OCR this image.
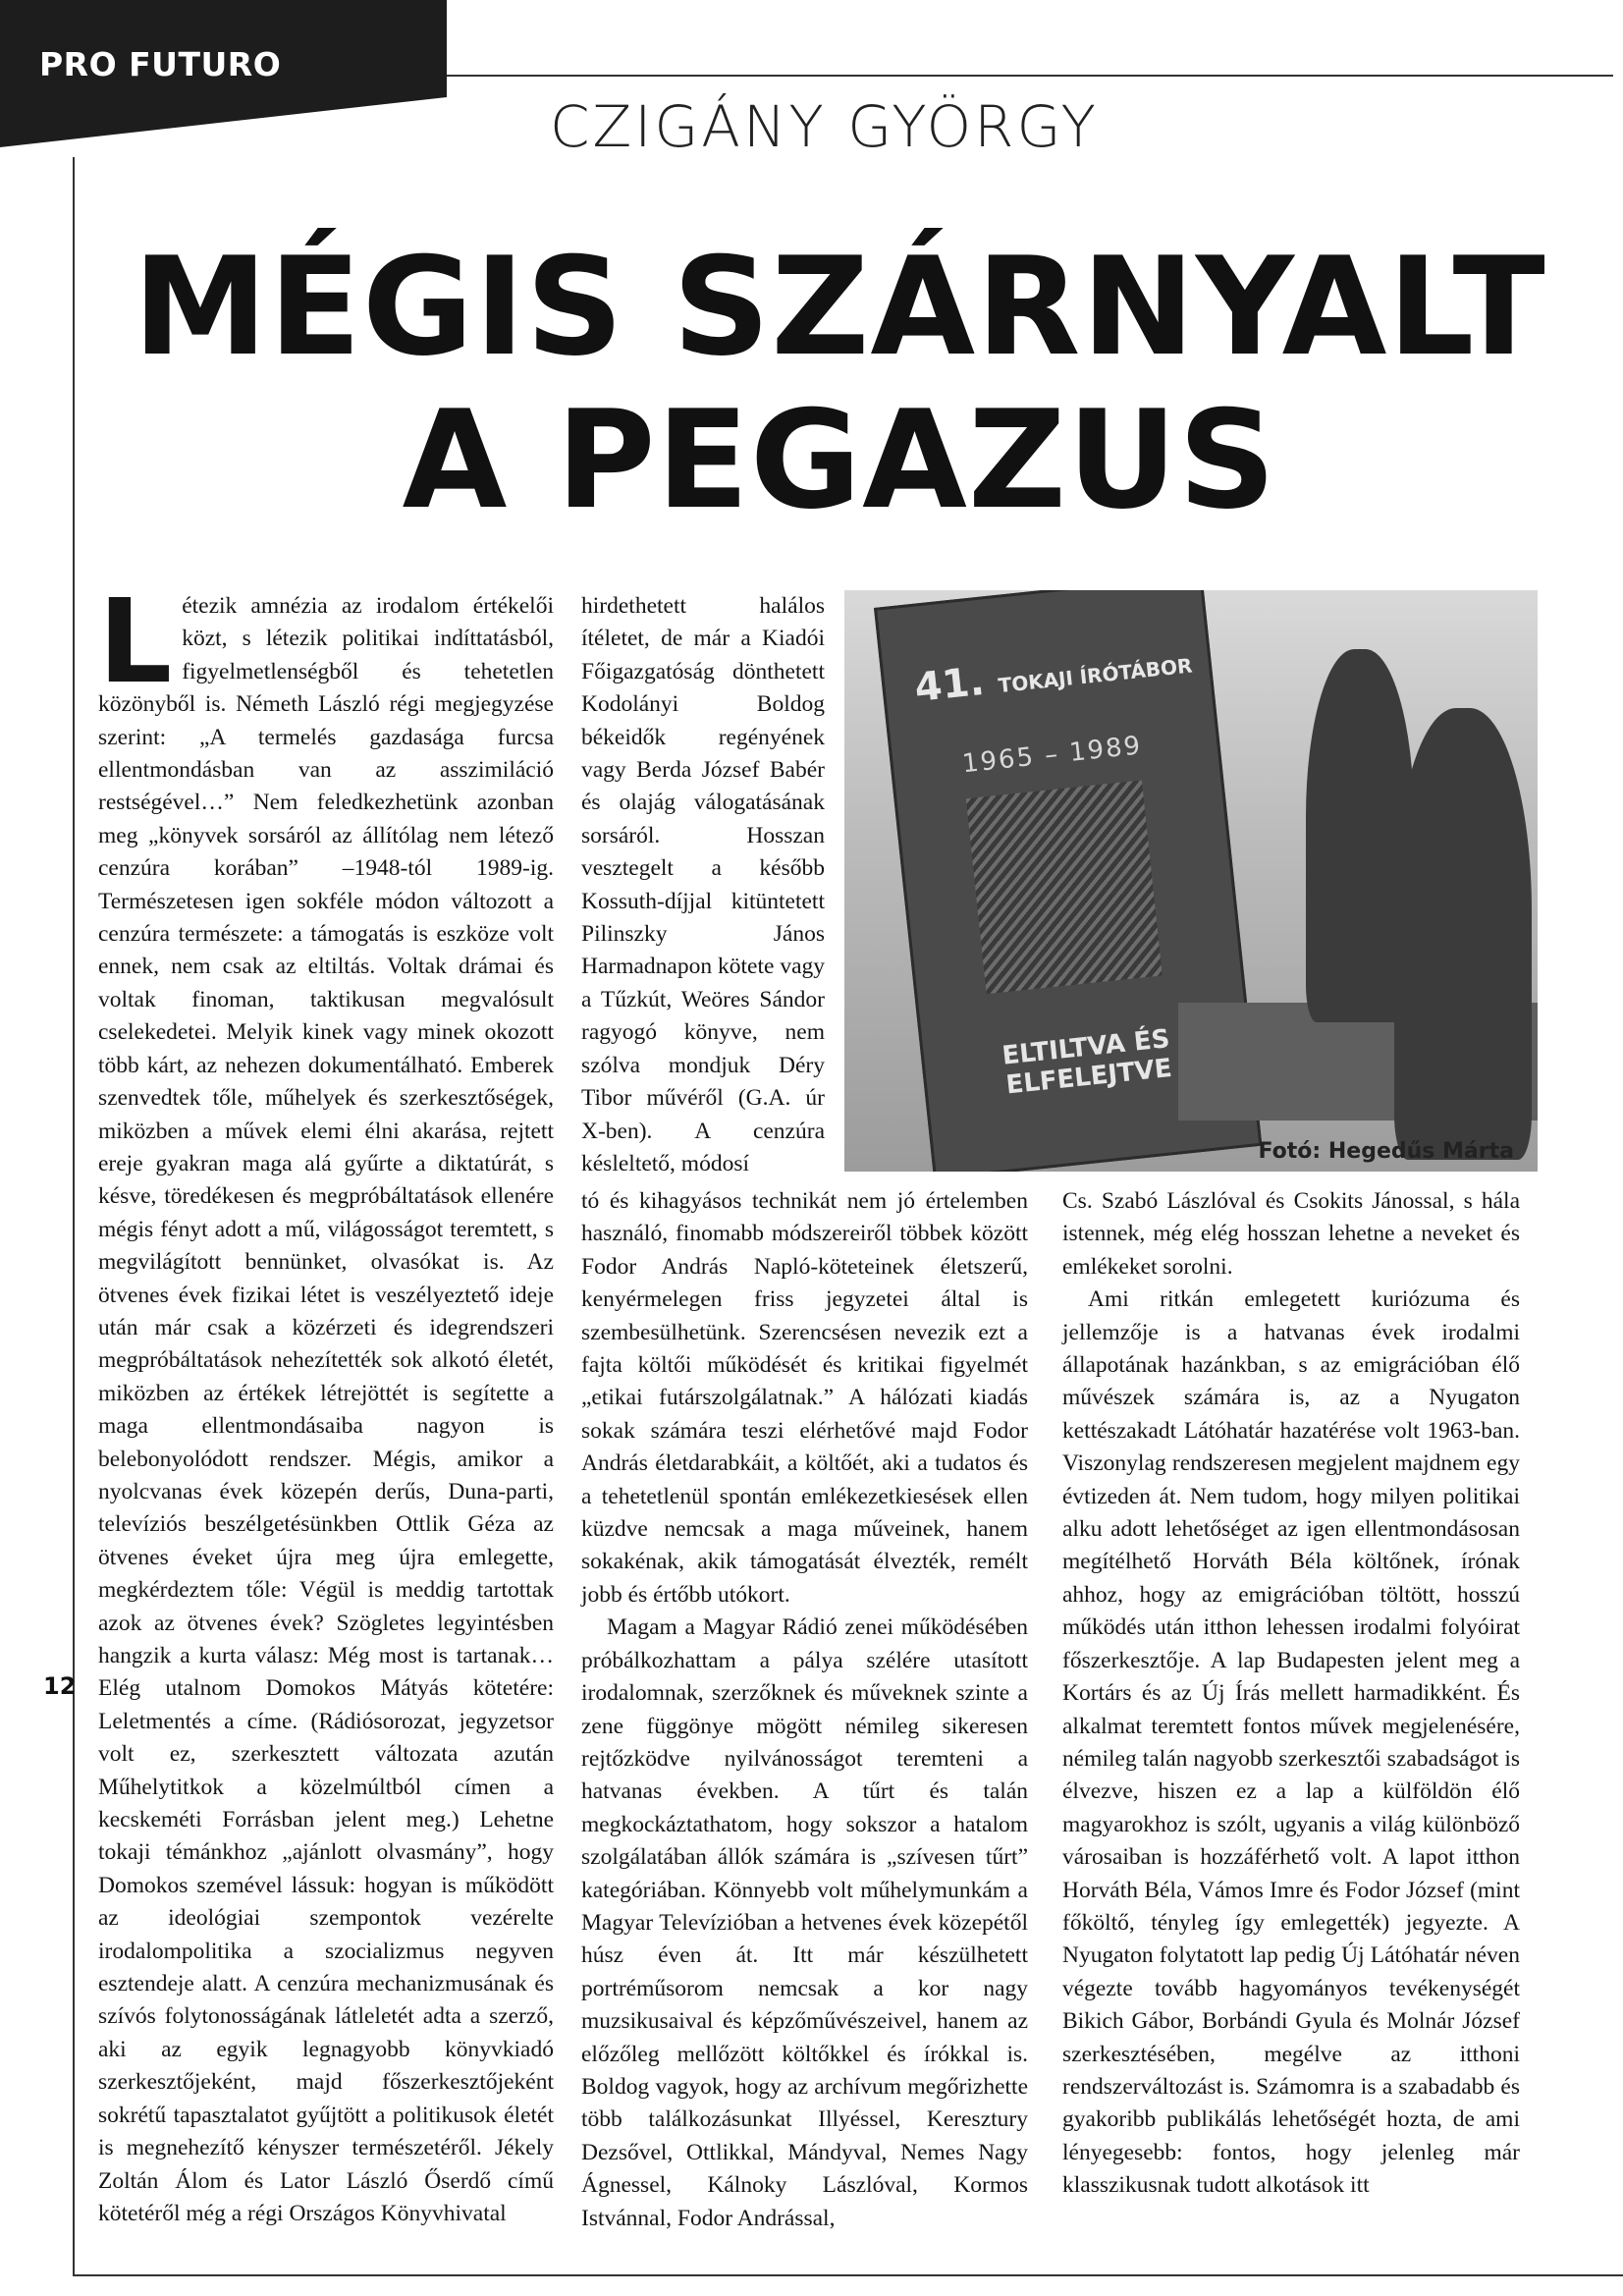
PRO FUTURO
CZIGÁNY GYÖRGY
MÉGIS SZÁRNYALT
A PEGAZUS

Létezik amnézia az irodalom értékelői közt, s létezik politikai indíttatásból, figyelmetlenségből és tehetetlen közönyből is. Németh László régi megjegyzése szerint: „A termelés gazdasága furcsa ellentmondásban van az asszimiláció restségével…” Nem feledkezhetünk azonban meg „könyvek sorsáról az állítólag nem létező cenzúra korában” –1948-tól 1989-ig. Természetesen igen sokféle módon változott a cenzúra természete: a támogatás is eszköze volt ennek, nem csak az eltiltás. Voltak drámai és voltak finoman, taktikusan megvalósult cselekedetei. Melyik kinek vagy minek okozott több kárt, az nehezen dokumentálható. Emberek szenvedtek tőle, műhelyek és szerkesztőségek, miközben a művek elemi élni akarása, rejtett ereje gyakran maga alá gyűrte a diktatúrát, s késve, töredékesen és megpróbáltatások ellenére mégis fényt adott a mű, világosságot teremtett, s megvilágított bennünket, olvasókat is. Az ötvenes évek fizikai létet is veszélyeztető ideje után már csak a közérzeti és idegrendszeri megpróbáltatások nehezítették sok alkotó életét, miközben az értékek létrejöttét is segítette a maga ellentmondásaiba nagyon is belebonyolódott rendszer. Mégis, amikor a nyolcvanas évek közepén derűs, Duna-parti, televíziós beszélgetésünkben Ottlik Géza az ötvenes éveket újra meg újra emlegette, megkérdeztem tőle: Végül is meddig tartottak azok az ötvenes évek? Szögletes legyintésben hangzik a kurta válasz: Még most is tartanak… Elég utalnom Domokos Mátyás kötetére: Leletmentés a címe. (Rádiósorozat, jegyzetsor volt ez, szerkesztett változata azután Műhelytitkok a közelmúltból címen a kecskeméti Forrásban jelent meg.) Lehetne tokaji témánkhoz „ajánlott olvasmány”, hogy Domokos szemével lássuk: hogyan is működött az ideológiai szempontok vezérelte irodalompolitika a szocializmus negyven esztendeje alatt. A cenzúra mechanizmusának és szívós folytonosságának látleletét adta a szerző, aki az egyik legnagyobb könyvkiadó szerkesztőjeként, majd főszerkesztőjeként sokrétű tapasztalatot gyűjtött a politikusok életét is megnehezítő kényszer természetéről. Jékely Zoltán Álom és Lator László Őserdő című kötetéről még a régi Országos Könyvhivatal

hirdethetett halálos ítéletet, de már a Kiadói Főigazgatóság dönthetett Kodolányi Boldog békeidők regényének vagy Berda József Babér és olajág válogatásának sorsáról. Hosszan vesztegelt a később Kossuth-díjjal kitüntetett Pilinszky János Harmadnapon kötete vagy a Tűzkút, Weöres Sándor ragyogó könyve, nem szólva mondjuk Déry Tibor művéről (G.A. úr X-ben). A cenzúra késleltető, módosí

41. TOKAJI ÍRÓTÁBOR
1965 – 1989
ELTILTVA ÉS ELFELEJTVE
Fotó: Hegedűs Márta

tó és kihagyásos technikát nem jó értelemben használó, finomabb módszereiről többek között Fodor András Napló-köteteinek életszerű, kenyérmelegen friss jegyzetei által is szembesülhetünk. Szerencsésen nevezik ezt a fajta költői működését és kritikai figyelmét „etikai futárszolgálatnak.” A hálózati kiadás sokak számára teszi elérhetővé majd Fodor András életdarabkáit, a költőét, aki a tudatos és a tehetetlenül spontán emlékezetkiesések ellen küzdve nemcsak a maga műveinek, hanem sokakénak, akik támogatását élvezték, remélt jobb és értőbb utókort.

Magam a Magyar Rádió zenei működésében próbálkozhattam a pálya szélére utasított irodalomnak, szerzőknek és műveknek szinte a zene függönye mögött némileg sikeresen rejtőzködve nyilvánosságot teremteni a hatvanas években. A tűrt és talán megkockáztathatom, hogy sokszor a hatalom szolgálatában állók számára is „szívesen tűrt” kategóriában. Könnyebb volt műhelymunkám a Magyar Televízióban a hetvenes évek közepétől húsz éven át. Itt már készülhetett portréműsorom nemcsak a kor nagy muzsikusaival és képzőművészeivel, hanem az előzőleg mellőzött költőkkel és írókkal is. Boldog vagyok, hogy az archívum megőrizhette több találkozásunkat Illyéssel, Keresztury Dezsővel, Ottlikkal, Mándyval, Nemes Nagy Ágnessel, Kálnoky Lászlóval, Kormos Istvánnal, Fodor Andrással,

Cs. Szabó Lászlóval és Csokits Jánossal, s hála istennek, még elég hosszan lehetne a neveket és emlékeket sorolni.

Ami ritkán emlegetett kuriózuma és jellemzője is a hatvanas évek irodalmi állapotának hazánkban, s az emigrációban élő művészek számára is, az a Nyugaton kettészakadt Látóhatár hazatérése volt 1963-ban. Viszonylag rendszeresen megjelent majdnem egy évtizeden át. Nem tudom, hogy milyen politikai alku adott lehetőséget az igen ellentmondásosan megítélhető Horváth Béla költőnek, írónak ahhoz, hogy az emigrációban töltött, hosszú működés után itthon lehessen irodalmi folyóirat főszerkesztője. A lap Budapesten jelent meg a Kortárs és az Új Írás mellett harmadikként. És alkalmat teremtett fontos művek megjelenésére, némileg talán nagyobb szerkesztői szabadságot is élvezve, hiszen ez a lap a külföldön élő magyarokhoz is szólt, ugyanis a világ különböző városaiban is hozzáférhető volt. A lapot itthon Horváth Béla, Vámos Imre és Fodor József (mint főköltő, tényleg így emlegették) jegyezte. A Nyugaton folytatott lap pedig Új Látóhatár néven végezte tovább hagyományos tevékenységét Bikich Gábor, Borbándi Gyula és Molnár József szerkesztésében, megélve az itthoni rendszerváltozást is. Számomra is a szabadabb és gyakoribb publikálás lehetőségét hozta, de ami lényegesebb: fontos, hogy jelenleg már klasszikusnak tudott alkotások itt

12
